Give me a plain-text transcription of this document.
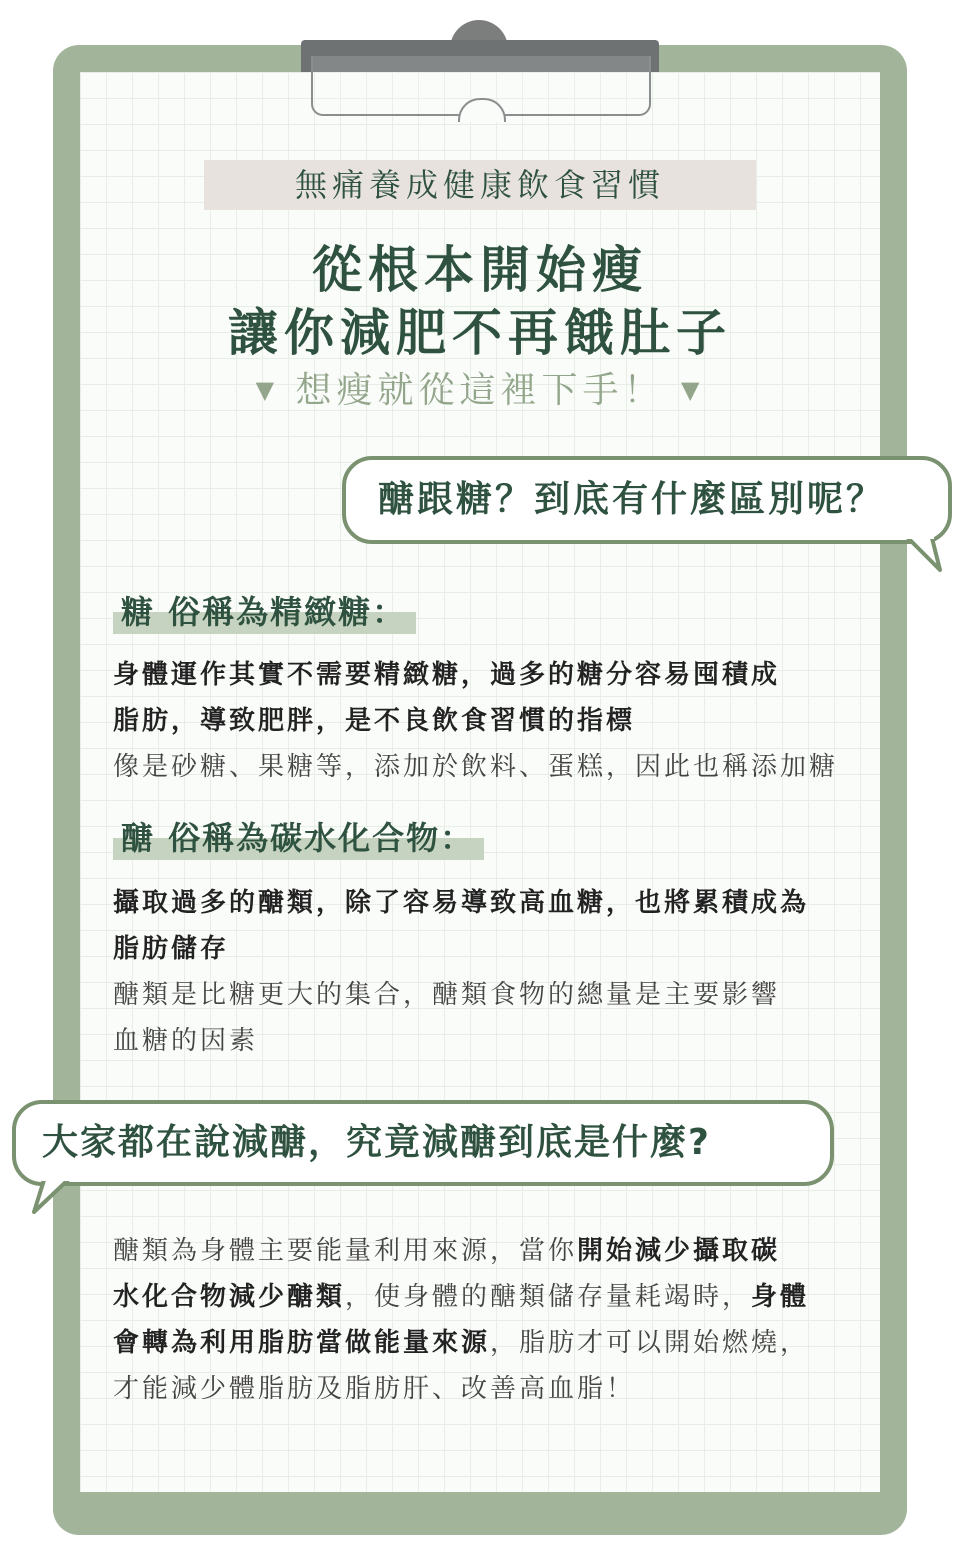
無痛養成健康飲食習慣
從根本開始瘦
讓你減肥不再餓肚子
▼ 想瘦就從這裡下手！ ▼
醣跟糖？到底有什麼區別呢？
糖 俗稱為精緻糖：
身體運作其實不需要精緻糖，過多的糖分容易囤積成
脂肪，導致肥胖，是不良飲食習慣的指標
像是砂糖、果糖等，添加於飲料、蛋糕，因此也稱添加糖
醣 俗稱為碳水化合物：
攝取過多的醣類，除了容易導致高血糖，也將累積成為
脂肪儲存
醣類是比糖更大的集合，醣類食物的總量是主要影響
血糖的因素
大家都在說減醣，究竟減醣到底是什麼?
醣類為身體主要能量利用來源，當你開始減少攝取碳
水化合物減少醣類，使身體的醣類儲存量耗竭時，身體
會轉為利用脂肪當做能量來源，脂肪才可以開始燃燒，
才能減少體脂肪及脂肪肝、改善高血脂！
